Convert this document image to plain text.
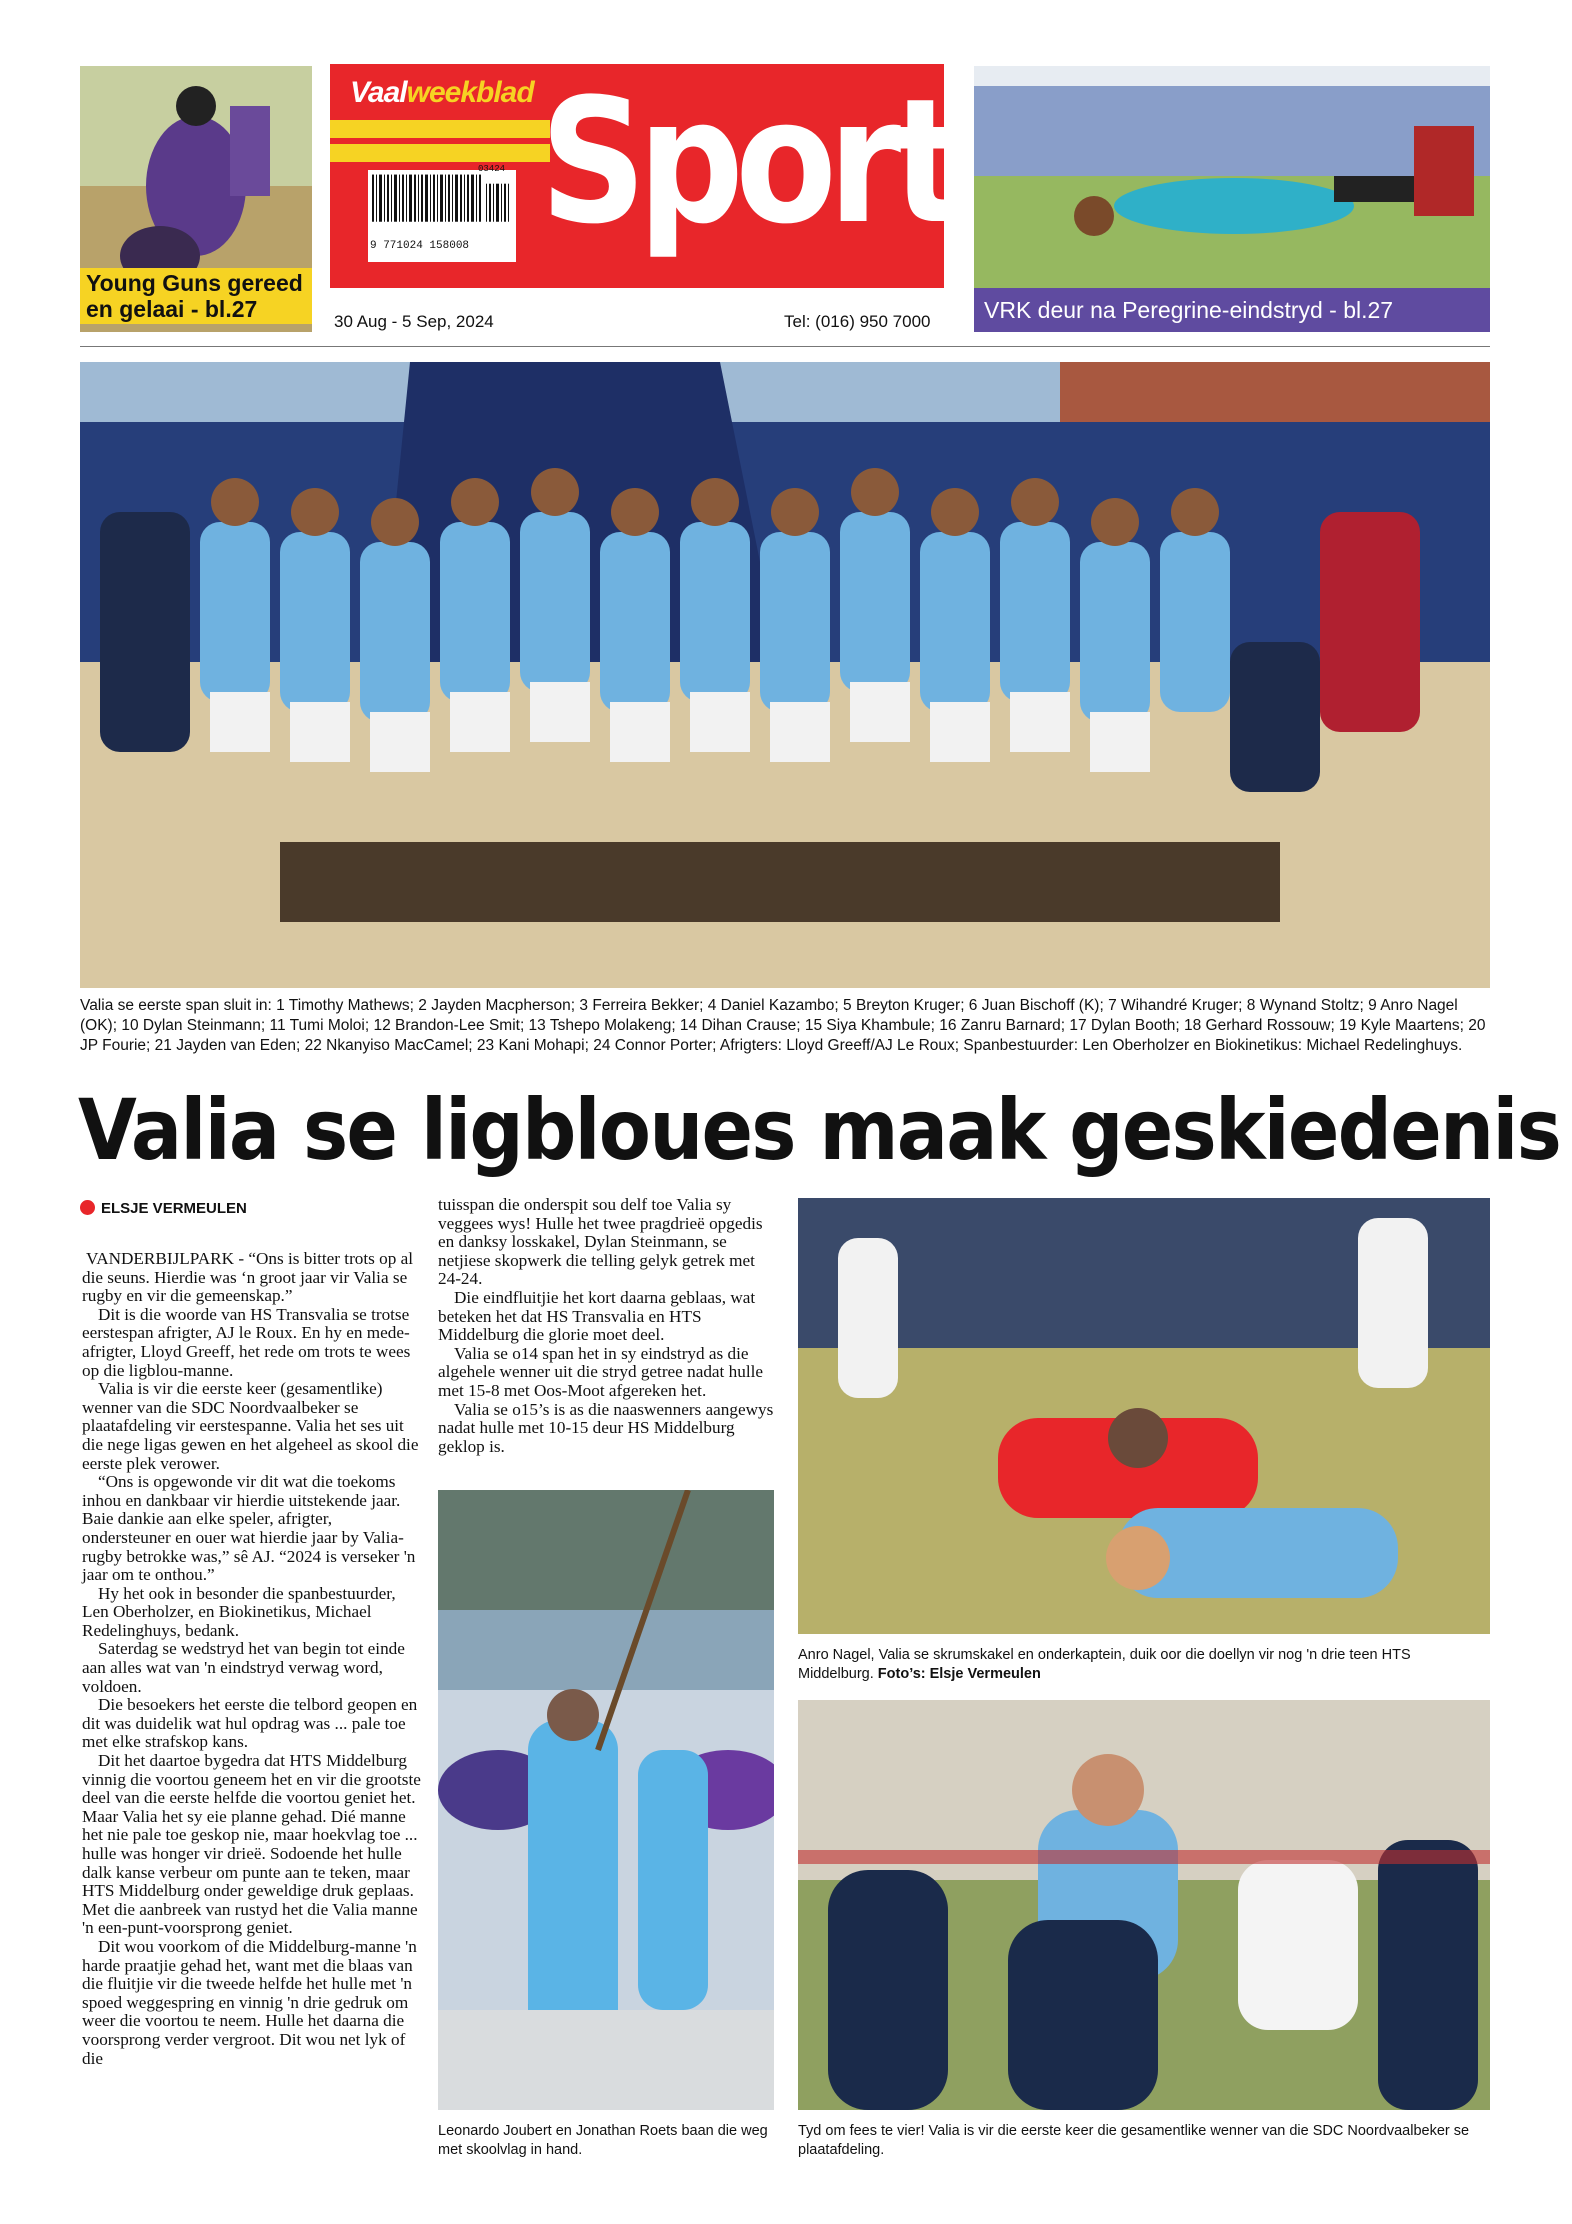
Young Guns gereed
en gelaai - bl.27
Vaalweekblad Sport
03424
9 771024 158008
30 Aug - 5 Sep, 2024	Tel: (016) 950 7000	VRK deur na Peregrine-eindstryd - bl.27
Valia se eerste span sluit in: 1 Timothy Mathews; 2 Jayden Macpherson; 3 Ferreira Bekker; 4 Daniel Kazambo; 5 Breyton Kruger; 6 Juan Bischoff (K); 7 Wihandré Kruger; 8 Wynand Stoltz; 9 Anro Nagel (OK); 10 Dylan Steinmann; 11 Tumi Moloi; 12 Brandon-Lee Smit; 13 Tshepo Molakeng; 14 Dihan Crause; 15 Siya Khambule; 16 Zanru Barnard; 17 Dylan Booth; 18 Gerhard Rossouw; 19 Kyle Maartens; 20 JP Fourie; 21 Jayden van Eden; 22 Nkanyiso MacCamel; 23 Kani Mohapi; 24 Connor Porter; Afrigters: Lloyd Greeff/AJ Le Roux; Spanbestuurder: Len Oberholzer en Biokinetikus: Michael Redelinghuys.
Valia se ligbloues maak geskiedenis
ELSJE VERMEULEN

VANDERBIJLPARK - “Ons is bitter trots op al die seuns. Hierdie was ‘n groot jaar vir Valia se rugby en vir die gemeenskap.”

Dit is die woorde van HS Transvalia se trotse eerstespan afrigter, AJ le Roux. En hy en mede-afrigter, Lloyd Greeff, het rede om trots te wees op die ligblou-manne.

Valia is vir die eerste keer (gesamentlike) wenner van die SDC Noordvaalbeker se plaatafdeling vir eerstespanne. Valia het ses uit die nege ligas gewen en het algeheel as skool die eerste plek verower.

“Ons is opgewonde vir dit wat die toekoms inhou en dankbaar vir hierdie uitstekende jaar. Baie dankie aan elke speler, afrigter, ondersteuner en ouer wat hierdie jaar by Valia-rugby betrokke was,” sê AJ. “2024 is verseker 'n jaar om te onthou.”

Hy het ook in besonder die spanbestuurder, Len Oberholzer, en Biokinetikus, Michael Redelinghuys, bedank.

Saterdag se wedstryd het van begin tot einde aan alles wat van 'n eindstryd verwag word, voldoen.

Die besoekers het eerste die telbord geopen en dit was duidelik wat hul opdrag was ... pale toe met elke strafskop kans.

Dit het daartoe bygedra dat HTS Middelburg vinnig die voortou geneem het en vir die grootste deel van die eerste helfde die voortou geniet het. Maar Valia het sy eie planne gehad. Dié manne het nie pale toe geskop nie, maar hoekvlag toe ... hulle was honger vir drieë. Sodoende het hulle dalk kanse verbeur om punte aan te teken, maar HTS Middelburg onder geweldige druk geplaas. Met die aanbreek van rustyd het die Valia manne 'n een-punt-voorsprong geniet.

Dit wou voorkom of die Middelburg-manne 'n harde praatjie gehad het, want met die blaas van die fluitjie vir die tweede helfde het hulle met 'n spoed weggespring en vinnig 'n drie gedruk om weer die voortou te neem. Hulle het daarna die voorsprong verder vergroot. Dit wou net lyk of die

tuisspan die onderspit sou delf toe Valia sy veggees wys! Hulle het twee pragdrieë opgedis en danksy losskakel, Dylan Steinmann, se netjiese skopwerk die telling gelyk getrek met 24-24.

Die eindfluitjie het kort daarna geblaas, wat beteken het dat HS Transvalia en HTS Middelburg die glorie moet deel.

Valia se o14 span het in sy eindstryd as die algehele wenner uit die stryd getree nadat hulle met 15-8 met Oos-Moot afgereken het.

Valia se o15’s is as die naaswenners aangewys nadat hulle met 10-15 deur HS Middelburg geklop is.

Leonardo Joubert en Jonathan Roets baan die weg met skoolvlag in hand.
Anro Nagel, Valia se skrumskakel en onderkaptein, duik oor die doellyn vir nog 'n drie teen HTS Middelburg. Foto’s: Elsje Vermeulen
Tyd om fees te vier! Valia is vir die eerste keer die gesamentlike wenner van die SDC Noordvaalbeker se plaatafdeling.
